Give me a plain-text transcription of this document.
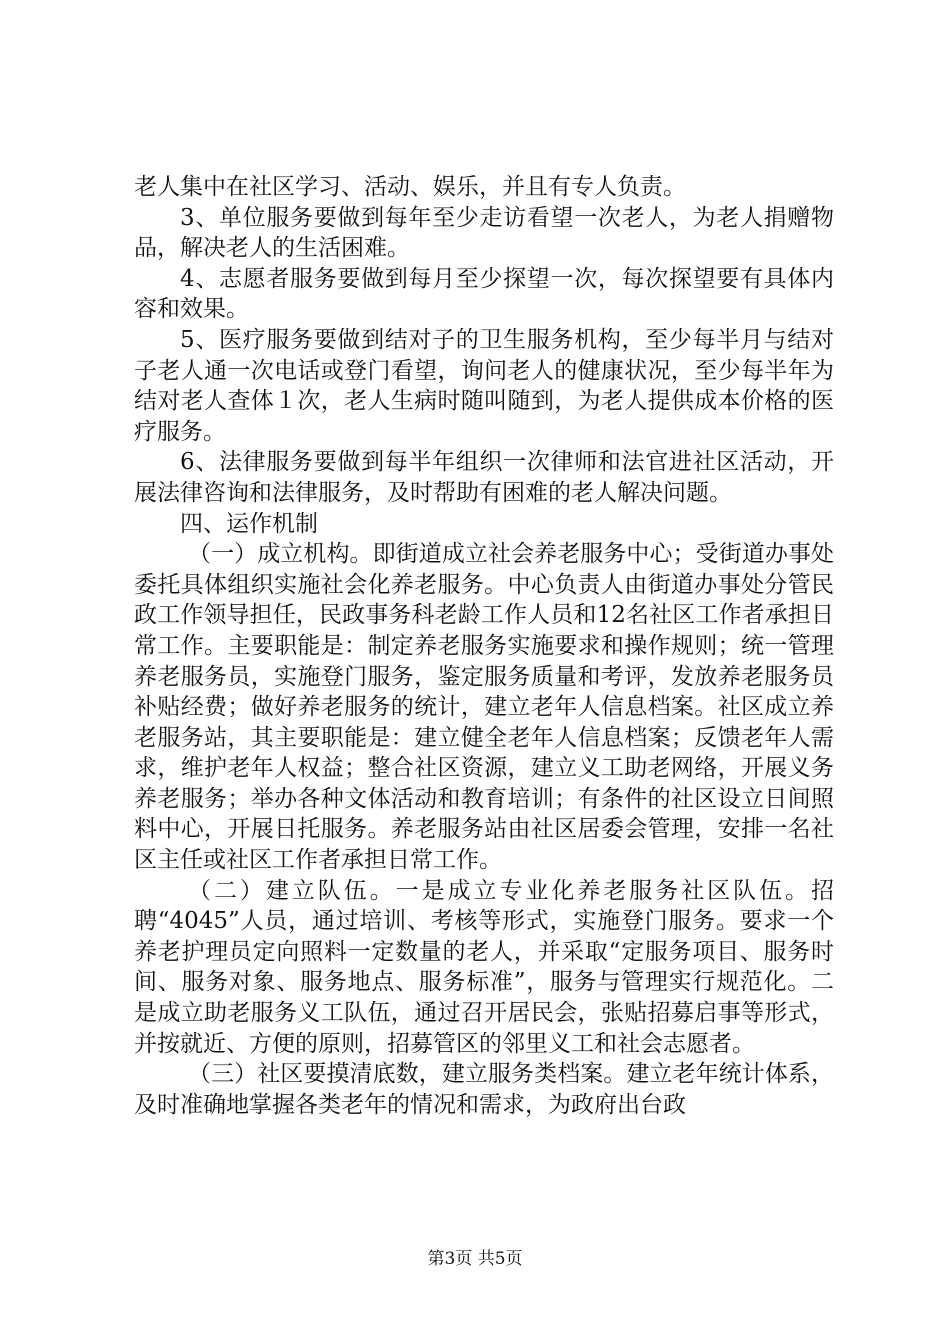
老人集中在社区学习、活动、娱乐，并且有专人负责。

3、单位服务要做到每年至少走访看望一次老人，为老人捐赠物品，解决老人的生活困难。

4、志愿者服务要做到每月至少探望一次，每次探望要有具体内容和效果。

5、医疗服务要做到结对子的卫生服务机构，至少每半月与结对子老人通一次电话或登门看望，询问老人的健康状况，至少每半年为结对老人查体１次，老人生病时随叫随到，为老人提供成本价格的医疗服务。

6、法律服务要做到每半年组织一次律师和法官进社区活动，开展法律咨询和法律服务，及时帮助有困难的老人解决问题。

四、运作机制

（一）成立机构。即街道成立社会养老服务中心；受街道办事处委托具体组织实施社会化养老服务。中心负责人由街道办事处分管民政工作领导担任，民政事务科老龄工作人员和12名社区工作者承担日常工作。主要职能是：制定养老服务实施要求和操作规则；统一管理养老服务员，实施登门服务，鉴定服务质量和考评，发放养老服务员补贴经费；做好养老服务的统计，建立老年人信息档案。社区成立养老服务站，其主要职能是：建立健全老年人信息档案；反馈老年人需求，维护老年人权益；整合社区资源，建立义工助老网络，开展义务养老服务；举办各种文体活动和教育培训；有条件的社区设立日间照料中心，开展日托服务。养老服务站由社区居委会管理，安排一名社区主任或社区工作者承担日常工作。

（二）建立队伍。一是成立专业化养老服务社区队伍。招聘“4045”人员，通过培训、考核等形式，实施登门服务。要求一个养老护理员定向照料一定数量的老人，并采取“定服务项目、服务时间、服务对象、服务地点、服务标准”，服务与管理实行规范化。二是成立助老服务义工队伍，通过召开居民会，张贴招募启事等形式，并按就近、方便的原则，招募管区的邻里义工和社会志愿者。

（三）社区要摸清底数，建立服务类档案。建立老年统计体系，及时准确地掌握各类老年的情况和需求，为政府出台政

第3页 共5页
